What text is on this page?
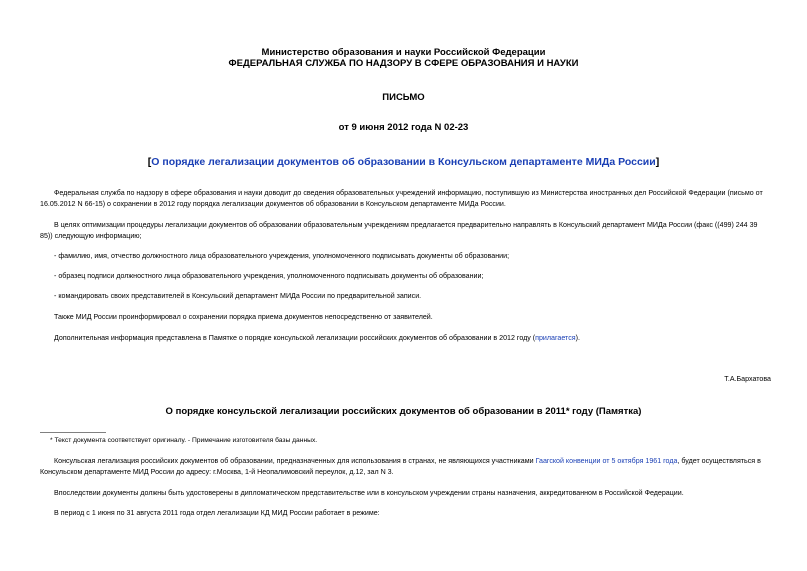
Министерство образования и науки Российской Федерации
ФЕДЕРАЛЬНАЯ СЛУЖБА ПО НАДЗОРУ В СФЕРЕ ОБРАЗОВАНИЯ И НАУКИ
ПИСЬМО
от 9 июня 2012 года N 02-23
[О порядке легализации документов об образовании в Консульском департаменте МИДа России]
Федеральная служба по надзору в сфере образования и науки доводит до сведения образовательных учреждений информацию, поступившую из Министерства иностранных дел Российской Федерации (письмо от 16.05.2012 N 66-15) о сохранении в 2012 году порядка легализации документов об образовании в Консульском департаменте МИДа России.
В целях оптимизации процедуры легализации документов об образовании образовательным учреждениям предлагается предварительно направлять в Консульский департамент МИДа России (факс ((499) 244 39 85)) следующую информацию;
- фамилию, имя, отчество должностного лица образовательного учреждения, уполномоченного подписывать документы об образовании;
- образец подписи должностного лица образовательного учреждения, уполномоченного подписывать документы об образовании;
- командировать своих представителей в Консульский департамент МИДа России по предварительной записи.
Также МИД России проинформировал о сохранении порядка приема документов непосредственно от заявителей.
Дополнительная информация представлена в Памятке о порядке консульской легализации российских документов об образовании в 2012 году (прилагается).
Т.А.Бархатова
О порядке консульской легализации российских документов об образовании в 2011* году (Памятка)
* Текст документа соответствует оригиналу. - Примечание изготовителя базы данных.
Консульская легализация российских документов об образовании, предназначенных для использования в странах, не являющихся участниками Гаагской конвенции от 5 октября 1961 года, будет осуществляться в Консульском департаменте МИД России до адресу: г.Москва, 1-й Неопалимовский переулок, д.12, зал N 3.
Впоследствии документы должны быть удостоверены в дипломатическом представительстве или в консульском учреждении страны назначения, аккредитованном в Российской Федерации.
В период с 1 июня по 31 августа 2011 года отдел легализации КД МИД России работает в режиме:
